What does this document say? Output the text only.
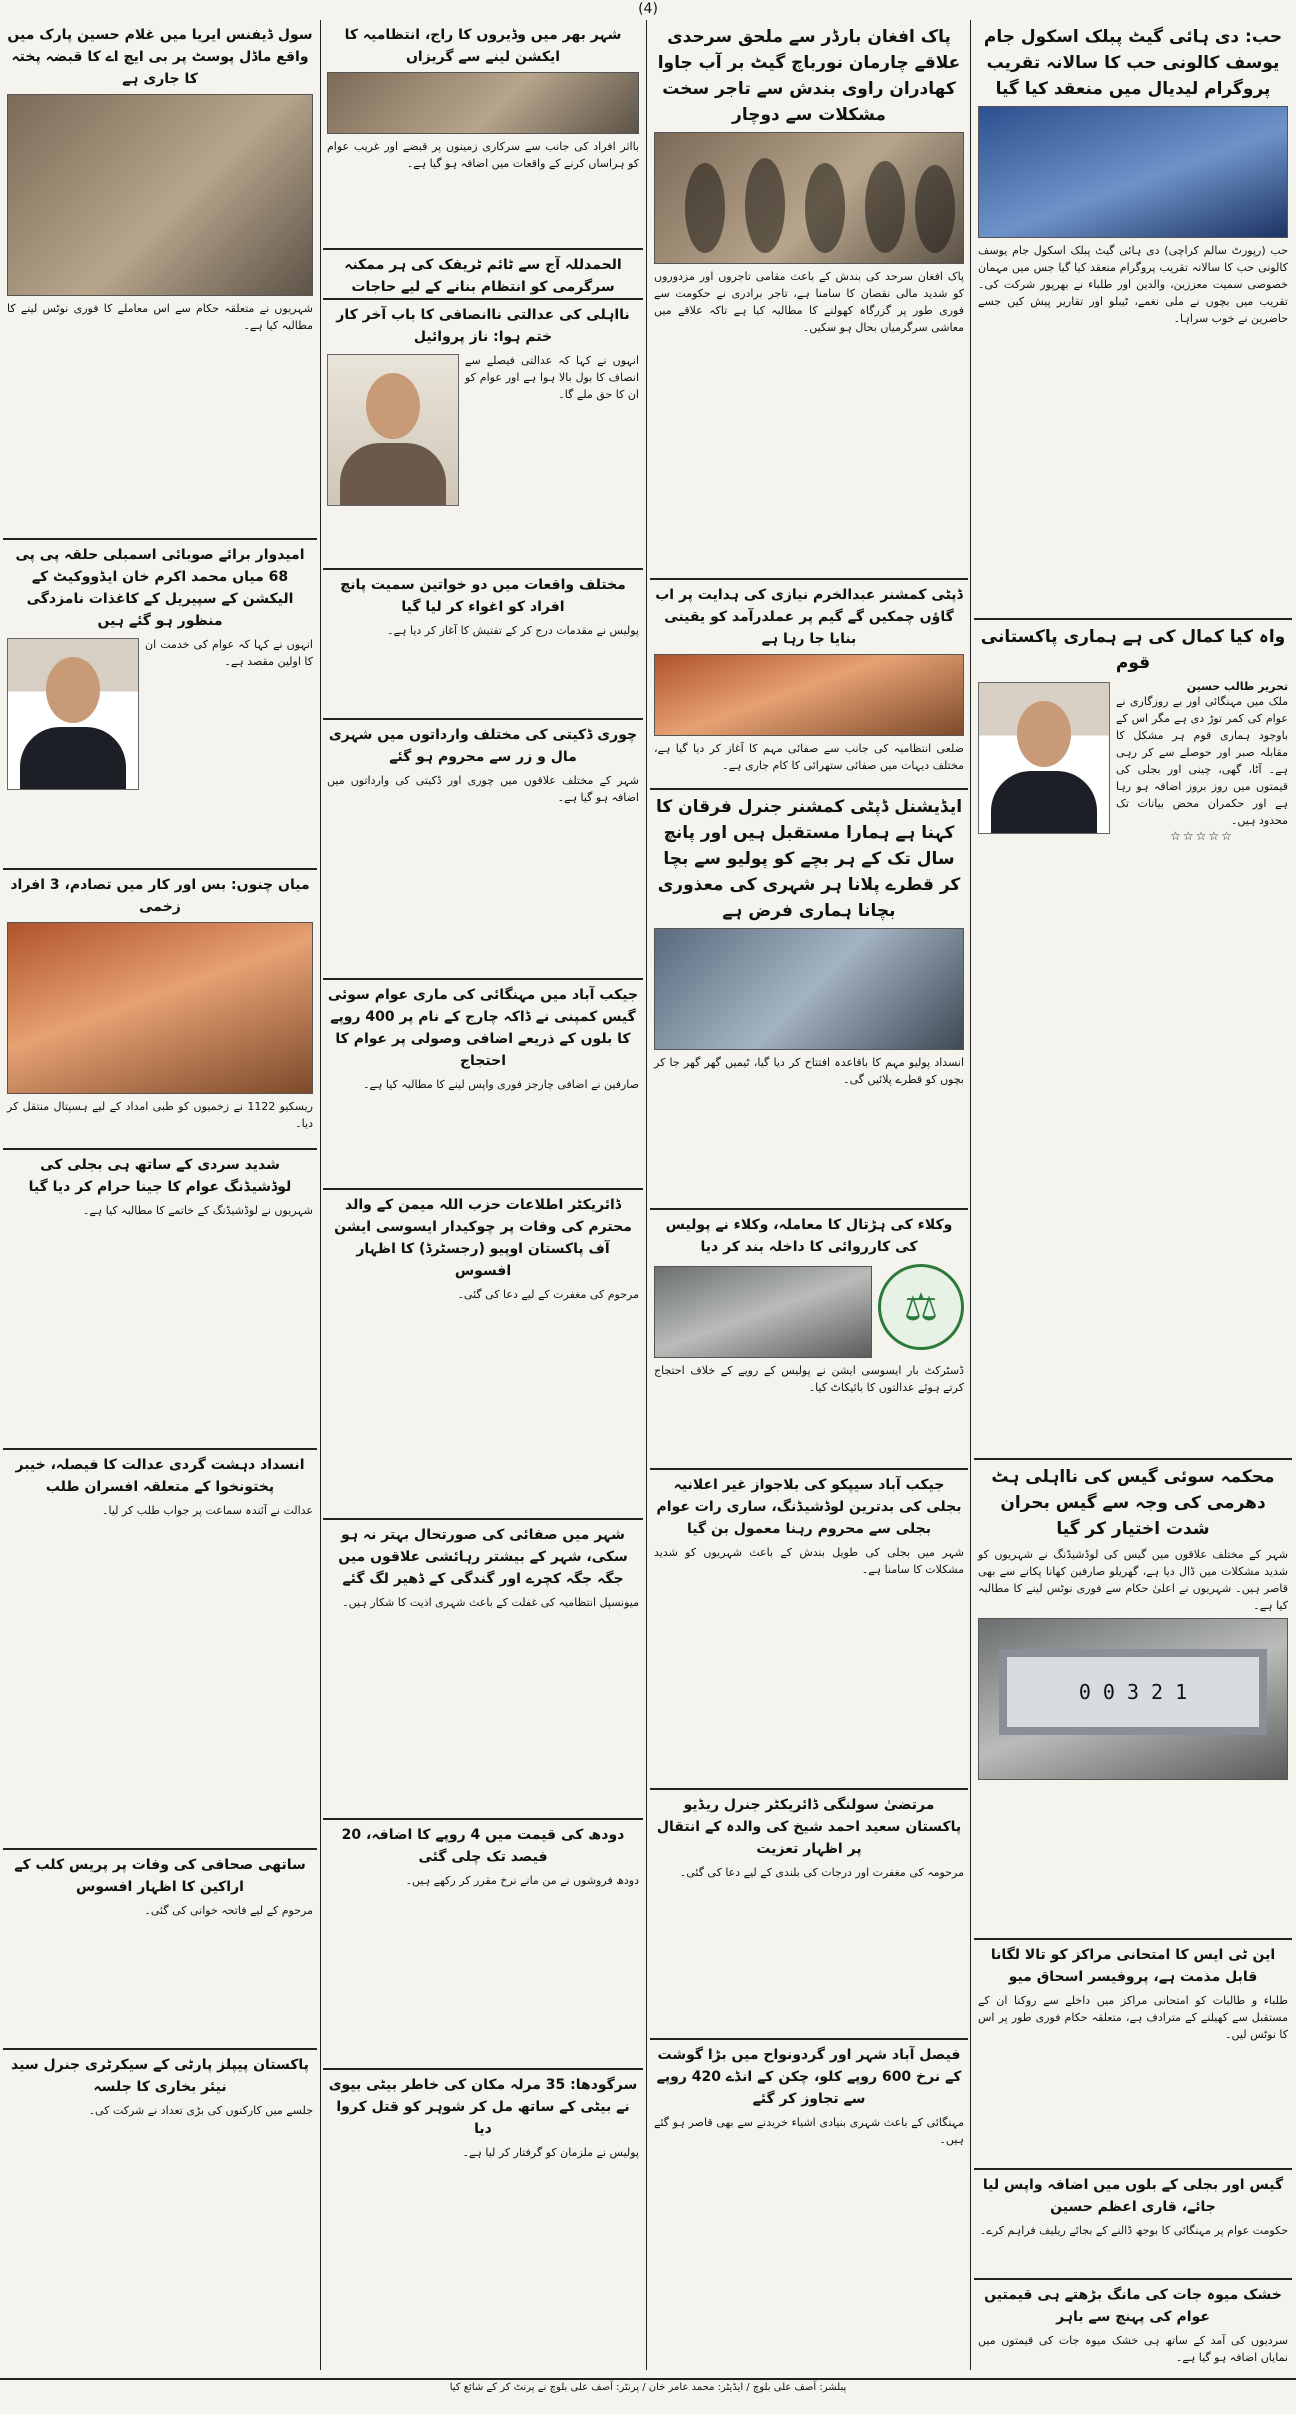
(4)
حب: دی ہائی گیٹ پبلک اسکول جام یوسف کالونی حب کا سالانہ تقریب پروگرام لیدیال میں منعقد کیا گیا
حب (رپورٹ سالم کراچی) دی ہائی گیٹ پبلک اسکول جام یوسف کالونی حب کا سالانہ تقریب پروگرام منعقد کیا گیا جس میں مہمان خصوصی سمیت معززین، والدین اور طلباء نے بھرپور شرکت کی۔ تقریب میں بچوں نے ملی نغمے، ٹیبلو اور تقاریر پیش کیں جسے حاضرین نے خوب سراہا۔
واہ کیا کمال کی ہے ہماری پاکستانی قوم
تحریر طالب حسین
ملک میں مہنگائی اور بے روزگاری نے عوام کی کمر توڑ دی ہے مگر اس کے باوجود ہماری قوم ہر مشکل کا مقابلہ صبر اور حوصلے سے کر رہی ہے۔ آٹا، گھی، چینی اور بجلی کی قیمتوں میں روز بروز اضافہ ہو رہا ہے اور حکمران محض بیانات تک محدود ہیں۔
☆☆☆☆☆
محکمہ سوئی گیس کی نااہلی ہٹ دھرمی کی وجہ سے گیس بحران شدت اختیار کر گیا
شہر کے مختلف علاقوں میں گیس کی لوڈشیڈنگ نے شہریوں کو شدید مشکلات میں ڈال دیا ہے، گھریلو صارفین کھانا پکانے سے بھی قاصر ہیں۔ شہریوں نے اعلیٰ حکام سے فوری نوٹس لینے کا مطالبہ کیا ہے۔
0 0 3 2 1
این ٹی ایس کا امتحانی مراکز کو تالا لگانا قابل مذمت ہے، پروفیسر اسحاق میو
طلباء و طالبات کو امتحانی مراکز میں داخلے سے روکنا ان کے مستقبل سے کھیلنے کے مترادف ہے، متعلقہ حکام فوری طور پر اس کا نوٹس لیں۔
گیس اور بجلی کے بلوں میں اضافہ واپس لیا جائے، قاری اعظم حسین
حکومت عوام پر مہنگائی کا بوجھ ڈالنے کے بجائے ریلیف فراہم کرے۔
خشک میوہ جات کی مانگ بڑھتے ہی قیمتیں عوام کی پہنچ سے باہر
سردیوں کی آمد کے ساتھ ہی خشک میوہ جات کی قیمتوں میں نمایاں اضافہ ہو گیا ہے۔
پاک افغان بارڈر سے ملحق سرحدی علاقے چارمان نورباچ گیٹ بر آب جاوا کھادران راوی بندش سے تاجر سخت مشکلات سے دوچار
پاک افغان سرحد کی بندش کے باعث مقامی تاجروں اور مزدوروں کو شدید مالی نقصان کا سامنا ہے، تاجر برادری نے حکومت سے فوری طور پر گزرگاہ کھولنے کا مطالبہ کیا ہے تاکہ علاقے میں معاشی سرگرمیاں بحال ہو سکیں۔
ڈپٹی کمشنر عبدالخرم نیازی کی ہدایت پر اب گاؤں چمکیں گے گیم پر عملدرآمد کو یقینی بنایا جا رہا ہے
ضلعی انتظامیہ کی جانب سے صفائی مہم کا آغاز کر دیا گیا ہے، مختلف دیہات میں صفائی ستھرائی کا کام جاری ہے۔
ایڈیشنل ڈپٹی کمشنر جنرل فرقان کا کہنا ہے ہمارا مستقبل ہیں اور پانچ سال تک کے ہر بچے کو پولیو سے بچا کر قطرے پلانا ہر شہری کی معذوری بچانا ہماری فرض ہے
انسداد پولیو مہم کا باقاعدہ افتتاح کر دیا گیا، ٹیمیں گھر گھر جا کر بچوں کو قطرے پلائیں گی۔
وکلاء کی ہڑتال کا معاملہ، وکلاء نے پولیس کی کارروائی کا داخلہ بند کر دیا
⚖
ڈسٹرکٹ بار ایسوسی ایشن نے پولیس کے رویے کے خلاف احتجاج کرتے ہوئے عدالتوں کا بائیکاٹ کیا۔
جیکب آباد سیپکو کی بلاجواز غیر اعلانیہ بجلی کی بدترین لوڈشیڈنگ، ساری رات عوام بجلی سے محروم رہنا معمول بن گیا
شہر میں بجلی کی طویل بندش کے باعث شہریوں کو شدید مشکلات کا سامنا ہے۔
مرتضیٰ سولنگی ڈائریکٹر جنرل ریڈیو پاکستان سعید احمد شیخ کی والدہ کے انتقال پر اظہار تعزیت
مرحومہ کی مغفرت اور درجات کی بلندی کے لیے دعا کی گئی۔
فیصل آباد شہر اور گردونواح میں بڑا گوشت کے نرخ 600 روپے کلو، چکن کے انڈے 420 روپے سے تجاوز کر گئے
مہنگائی کے باعث شہری بنیادی اشیاء خریدنے سے بھی قاصر ہو گئے ہیں۔
شہر بھر میں وڈیروں کا راج، انتظامیہ کا ایکشن لینے سے گریزاں
بااثر افراد کی جانب سے سرکاری زمینوں پر قبضے اور غریب عوام کو ہراساں کرنے کے واقعات میں اضافہ ہو گیا ہے۔
الحمدللہ آج سے ٹائم ٹریفک کی ہر ممکنہ سرگرمی کو انتظام بنانے کے لیے حاجات
نااہلی کی عدالتی ناانصافی کا باب آخر کار ختم ہوا: ناز پروائیل
انہوں نے کہا کہ عدالتی فیصلے سے انصاف کا بول بالا ہوا ہے اور عوام کو ان کا حق ملے گا۔
مختلف واقعات میں دو خواتین سمیت پانچ افراد کو اغواء کر لیا گیا
پولیس نے مقدمات درج کر کے تفتیش کا آغاز کر دیا ہے۔
چوری ڈکیتی کی مختلف وارداتوں میں شہری مال و زر سے محروم ہو گئے
شہر کے مختلف علاقوں میں چوری اور ڈکیتی کی وارداتوں میں اضافہ ہو گیا ہے۔
جیکب آباد میں مہنگائی کی ماری عوام سوئی گیس کمپنی نے ڈاکہ چارج کے نام پر 400 روپے کا بلوں کے ذریعے اضافی وصولی پر عوام کا احتجاج
صارفین نے اضافی چارجز فوری واپس لینے کا مطالبہ کیا ہے۔
ڈائریکٹر اطلاعات حزب اللہ میمن کے والد محترم کی وفات پر چوکیدار ایسوسی ایشن آف پاکستان اوپیو (رجسٹرڈ) کا اظہار افسوس
مرحوم کی مغفرت کے لیے دعا کی گئی۔
شہر میں صفائی کی صورتحال بہتر نہ ہو سکی، شہر کے بیشتر رہائشی علاقوں میں جگہ جگہ کچرے اور گندگی کے ڈھیر لگ گئے
میونسپل انتظامیہ کی غفلت کے باعث شہری اذیت کا شکار ہیں۔
دودھ کی قیمت میں 4 روپے کا اضافہ، 20 فیصد تک چلی گئی
دودھ فروشوں نے من مانے نرخ مقرر کر رکھے ہیں۔
سرگودھا: 35 مرلہ مکان کی خاطر بیٹی بیوی نے بیٹی کے ساتھ مل کر شوہر کو قتل کروا دیا
پولیس نے ملزمان کو گرفتار کر لیا ہے۔
سول ڈیفنس ایریا میں غلام حسین پارک میں واقع ماڈل پوسٹ پر بی ایچ اے کا قبضہ پختہ کا جاری ہے
شہریوں نے متعلقہ حکام سے اس معاملے کا فوری نوٹس لینے کا مطالبہ کیا ہے۔
امیدوار برائے صوبائی اسمبلی حلقہ پی پی 68 میاں محمد اکرم خان ایڈووکیٹ کے الیکشن کے سپیریل کے کاغذات نامزدگی منظور ہو گئے ہیں
انہوں نے کہا کہ عوام کی خدمت ان کا اولین مقصد ہے۔
میاں چنوں: بس اور کار میں تصادم، 3 افراد زخمی
ریسکیو 1122 نے زخمیوں کو طبی امداد کے لیے ہسپتال منتقل کر دیا۔
شدید سردی کے ساتھ ہی بجلی کی لوڈشیڈنگ عوام کا جینا حرام کر دیا گیا
شہریوں نے لوڈشیڈنگ کے خاتمے کا مطالبہ کیا ہے۔
انسداد دہشت گردی عدالت کا فیصلہ، خیبر پختونخوا کے متعلقہ افسران طلب
عدالت نے آئندہ سماعت پر جواب طلب کر لیا۔
ساتھی صحافی کی وفات پر پریس کلب کے اراکین کا اظہار افسوس
مرحوم کے لیے فاتحہ خوانی کی گئی۔
پاکستان پیپلز پارٹی کے سیکرٹری جنرل سید نیئر بخاری کا جلسہ
جلسے میں کارکنوں کی بڑی تعداد نے شرکت کی۔
پبلشر: آصف علی بلوچ / ایڈیٹر: محمد عامر خان / پرنٹر: آصف علی بلوچ نے پرنٹ کر کے شائع کیا
